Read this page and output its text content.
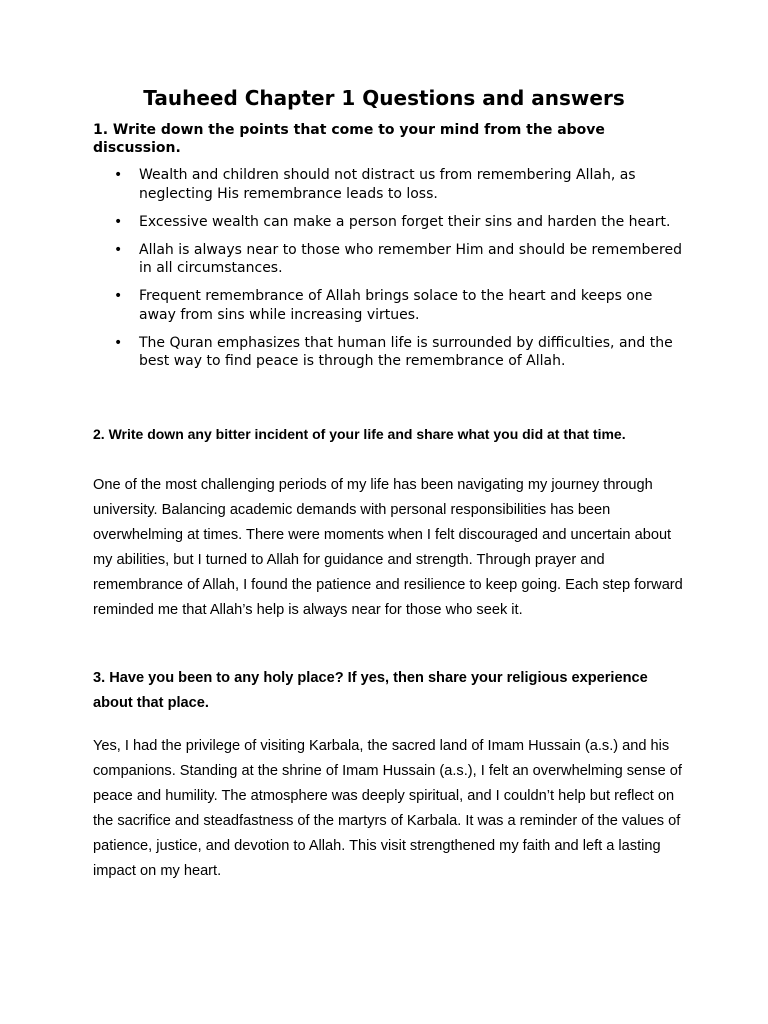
Tauheed Chapter 1 Questions and answers

1. Write down the points that come to your mind from the above discussion.

• Wealth and children should not distract us from remembering Allah, as neglecting His remembrance leads to loss.
• Excessive wealth can make a person forget their sins and harden the heart.
• Allah is always near to those who remember Him and should be remembered in all circumstances.
• Frequent remembrance of Allah brings solace to the heart and keeps one away from sins while increasing virtues.
• The Quran emphasizes that human life is surrounded by difficulties, and the best way to find peace is through the remembrance of Allah.

2. Write down any bitter incident of your life and share what you did at that time.

One of the most challenging periods of my life has been navigating my journey through university. Balancing academic demands with personal responsibilities has been overwhelming at times. There were moments when I felt discouraged and uncertain about my abilities, but I turned to Allah for guidance and strength. Through prayer and remembrance of Allah, I found the patience and resilience to keep going. Each step forward reminded me that Allah’s help is always near for those who seek it.

3. Have you been to any holy place? If yes, then share your religious experience about that place.

Yes, I had the privilege of visiting Karbala, the sacred land of Imam Hussain (a.s.) and his companions. Standing at the shrine of Imam Hussain (a.s.), I felt an overwhelming sense of peace and humility. The atmosphere was deeply spiritual, and I couldn’t help but reflect on the sacrifice and steadfastness of the martyrs of Karbala. It was a reminder of the values of patience, justice, and devotion to Allah. This visit strengthened my faith and left a lasting impact on my heart.
